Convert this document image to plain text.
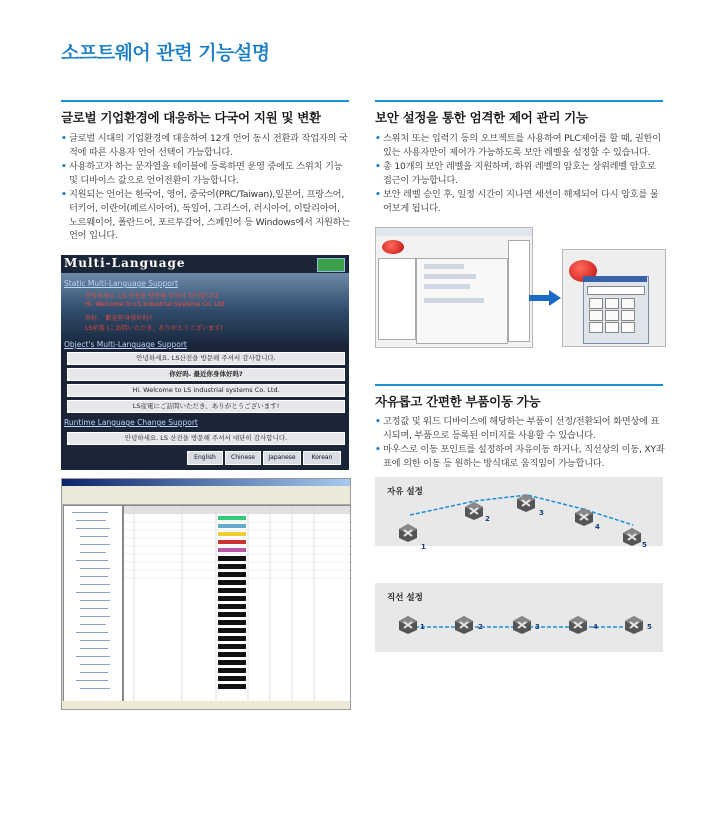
소프트웨어 관련 기능설명
글로벌 기업환경에 대응하는 다국어 지원 및 변환
• 글로벌 시대의 기업환경에 대응하여 12개 언어 동시 전환과 작업자의 국적에 따른 사용자 언어 선택이 가능합니다.
• 사용하고자 하는 문자열을 테이블에 등록하면 운영 중에도 스위치 기능 및 디바이스 값으로 언어전환이 가능합니다.
• 지원되는 언어는 한국어, 영어, 중국어(PRC/Taiwan),일본어, 프랑스어, 터키어, 이란어(페르시아어), 독일어, 그리스어, 러시아어, 이탈리아어, 노르웨이어, 폴란드어, 포르투갈어, 스페인어 등 Windows에서 지원하는 언어 입니다.
Multi-Language
Static Multi-Language Support
안녕하세요. LS 산전을 방문해 주셔서 감사합니다.
Hi. Welcome to LS Industrial Systems Co. Ltd
你好。 歡迎你身体好吗?
LS産電 (こ訪問いただき、ありがとうございます)
Object's Multi-Language Support
안녕하세요. LS산전을 방문해 주셔서 감사합니다.
你好吗. 最近你身体好吗?
Hi. Welcome to LS industrial systems Co. Ltd.
LS産電にご訪問いただき、ありがとうございます!
Runtime Language Change Support
안녕하세요. LS 산전을 방문해 주셔서 대단히 감사합니다.
English	Chinese	Japanese	Korean
보안 설정을 통한 엄격한 제어 관리 기능
• 스위치 또는 입력기 등의 오브젝트를 사용하여 PLC제어를 할 때, 권한이 있는 사용자만이 제어가 가능하도록 보안 레벨을 설정할 수 있습니다.
• 총 10개의 보안 레벨을 지원하며, 하위 레벨의 암호는 상위레벨 암호로 접근이 가능합니다.
• 보안 레벨 승인 후, 일정 시간이 지나면 세션이 해제되어 다시 암호를 물어보게 됩니다.
자유롭고 간편한 부품이동 가능
• 고정값 및 워드 디바이스에 해당하는 부품이 선정/전환되어 화면상에 표시되며, 부품으로 등록된 이미지를 사용할 수 있습니다.
• 마우스로 이동 포인트를 설정하여 자유이동 하거나, 직선상의 이동, XY좌표에 의한 이동 등 원하는 방식대로 움직임이 가능합니다.
자유 설정
1
2
3
4
5
직선 설정
1	2	3	4	5
